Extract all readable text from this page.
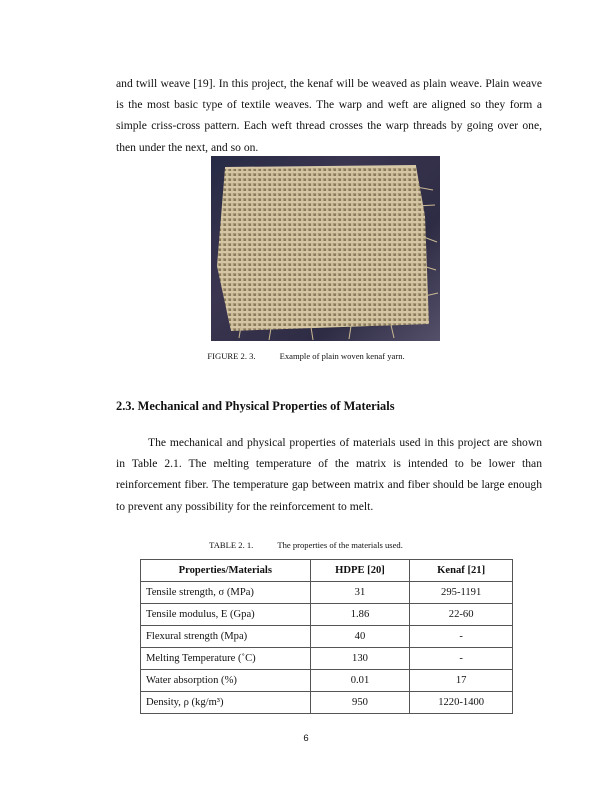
and twill weave [19]. In this project, the kenaf will be weaved as plain weave. Plain weave is the most basic type of textile weaves. The warp and weft are aligned so they form a simple criss-cross pattern. Each weft thread crosses the warp threads by going over one, then under the next, and so on.

FIGURE 2. 3.	Example of plain woven kenaf yarn.
2.3. Mechanical and Physical Properties of Materials

The mechanical and physical properties of materials used in this project are shown in Table 2.1. The melting temperature of the matrix is intended to be lower than reinforcement fiber. The temperature gap between matrix and fiber should be large enough to prevent any possibility for the reinforcement to melt.

TABLE 2. 1.	The properties of the materials used.
Properties/Materials	HDPE [20]	Kenaf [21]
Tensile strength, σ (MPa)	31	295-1191
Tensile modulus, E (Gpa)	1.86	22-60
Flexural strength (Mpa)	40	-
Melting Temperature (˚C)	130	-
Water absorption (%)	0.01	17
Density, ρ (kg/m³)	950	1220-1400
6
